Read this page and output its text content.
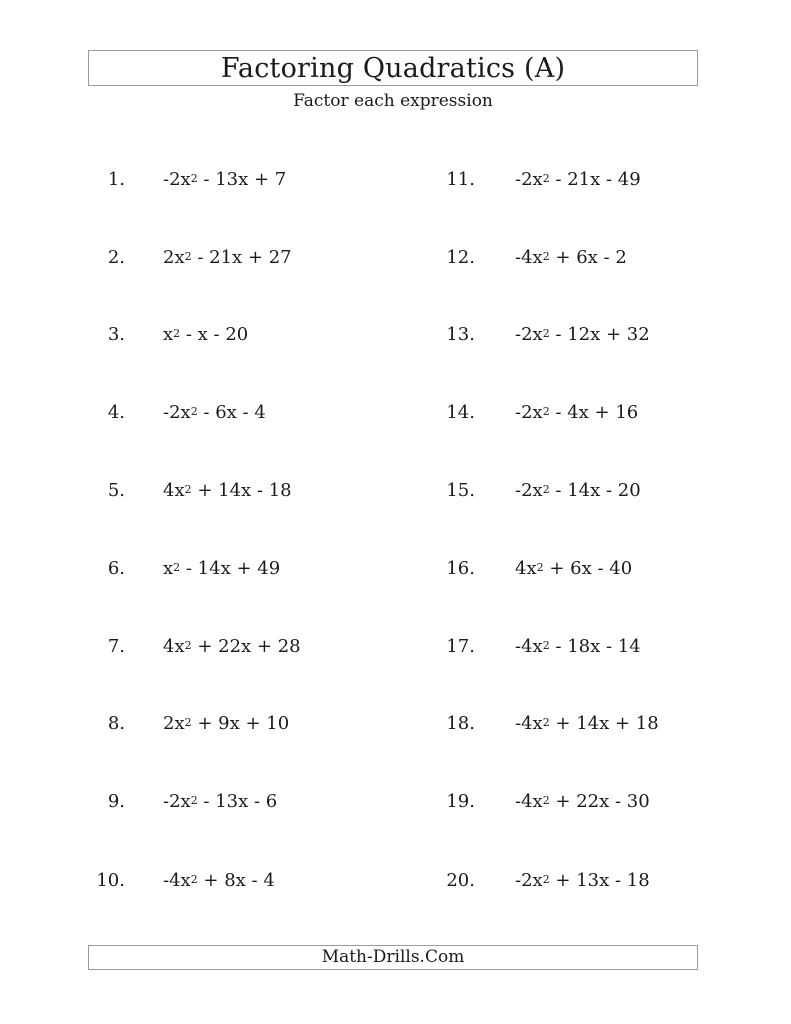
Factoring Quadratics (A)
Factor each expression
1. $-2x^2 - 13x + 7$
2. $2x^2 - 21x + 27$
3. $x^2$ - x - 20
4. $-2x^2 - 6x - 4$
5. $4x^2 + 14x - 18$
6. $x^2 - 14x + 49$
7. $4x^2 + 22x + 28$
8. $2x^2 + 9x + 10$
9. $-2x^2 - 13x - 6$
10. $-4x^2 + 8x - 4$
11. $-2x^2 - 21x - 49$
12. $-4x^2 + 6x - 2$
13. $-2x^2 - 12x + 32$
14. $-2x^2 - 4x + 16$
15. $-2x^2 - 14x - 20$
16. $4x^2 + 6x - 40$
17. $-4x^2 - 18x - 14$
18. $-4x^2 + 14x + 18$
19. $-4x^2 + 22x - 30$
20. $-2x^2 + 13x - 18$
Math-Drills.Com
